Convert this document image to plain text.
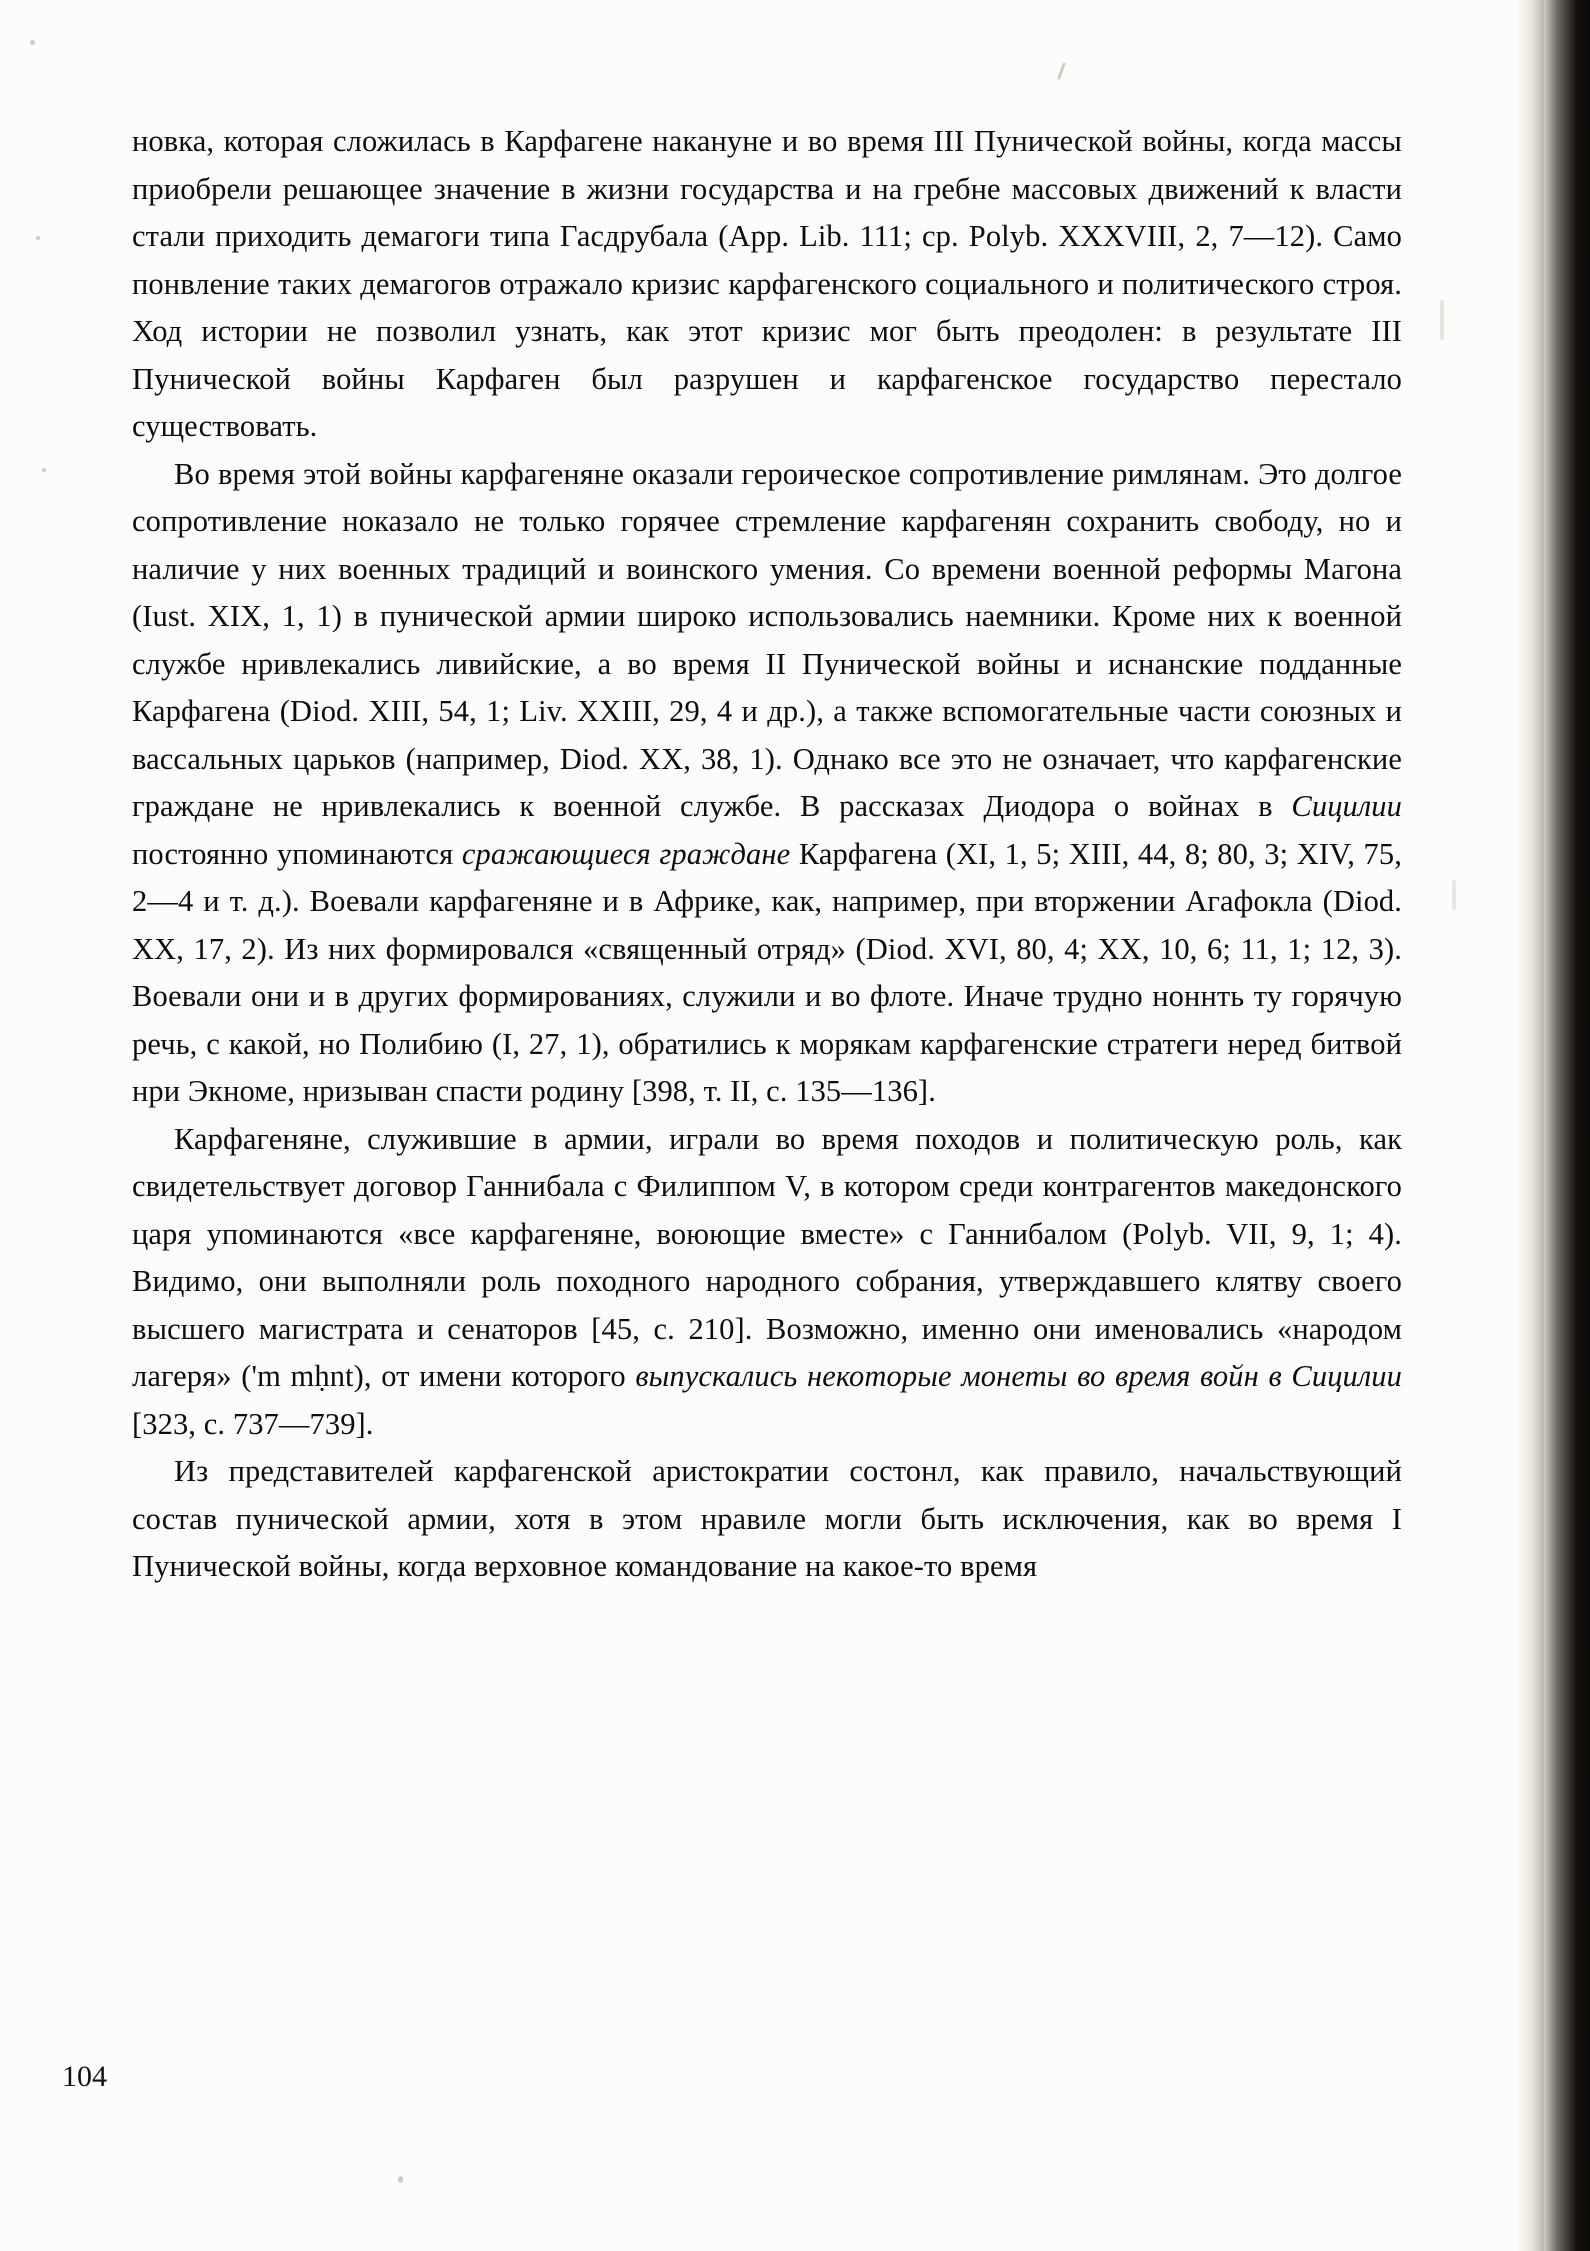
новка, которая сложилась в Карфагене накануне и во время III Пунической войны, когда массы приобрели решающее значение в жизни государства и на гребне массовых движений к власти стали приходить демагоги типа Гасдрубала (App. Lib. 111; ср. Polyb. XXXVIII, 2, 7—12). Само понвление таких демагогов отражало кризис карфагенского социального и политического строя. Ход истории не позволил узнать, как этот кризис мог быть преодолен: в результате III Пунической войны Карфаген был разрушен и карфагенское государство перестало существовать.

Во время этой войны карфагеняне оказали героическое сопротивление римлянам. Это долгое сопротивление ноказало не только горячее стремление карфагенян сохранить свободу, но и наличие у них военных традиций и воинского умения. Со времени военной реформы Магона (Iust. XIX, 1, 1) в пунической армии широко использовались наемники. Кроме них к военной службе нривлекались ливийские, а во время II Пунической войны и иснанские подданные Карфагена (Diod. XIII, 54, 1; Liv. XXIII, 29, 4 и др.), а также вспомогательные части союзных и вассальных царьков (например, Diod. XX, 38, 1). Однако все это не означает, что карфагенские граждане не нривлекались к военной службе. В рассказах Диодора о войнах в Сицилии постоянно упоминаются сражающиеся граждане Карфагена (XI, 1, 5; XIII, 44, 8; 80, 3; XIV, 75, 2—4 и т. д.). Воевали карфагеняне и в Африке, как, например, при вторжении Агафокла (Diod. XX, 17, 2). Из них формировался «священный отряд» (Diod. XVI, 80, 4; XX, 10, 6; 11, 1; 12, 3). Воевали они и в других формированиях, служили и во флоте. Иначе трудно ноннть ту горячую речь, с какой, но Полибию (I, 27, 1), обратились к морякам карфагенские стратеги неред битвой нри Экноме, нризыван спасти родину [398, т. II, с. 135—136].

Карфагеняне, служившие в армии, играли во время походов и политическую роль, как свидетельствует договор Ганнибала с Филиппом V, в котором среди контрагентов македонского царя упоминаются «все карфагеняне, воюющие вместе» с Ганнибалом (Polyb. VII, 9, 1; 4). Видимо, они выполняли роль походного народного собрания, утверждавшего клятву своего высшего магистрата и сенаторов [45, с. 210]. Возможно, именно они именовались «народом лагеря» ('m mḥnt), от имени которого выпускались некоторые монеты во время войн в Сицилии [323, с. 737—739].

Из представителей карфагенской аристократии состонл, как правило, начальствующий состав пунической армии, хотя в этом нравиле могли быть исключения, как во время I Пунической войны, когда верховное командование на какое-то время

104
